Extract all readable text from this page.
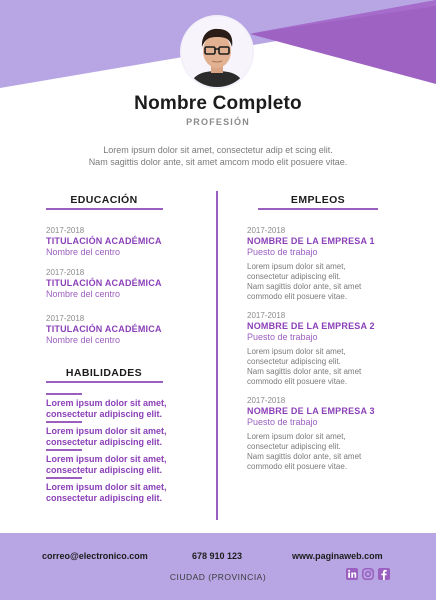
Nombre Completo
PROFESIÓN

Lorem ipsum dolor sit amet, consectetur adip et scing elit.

Nam sagittis dolor ante, sit amet amcom modo elit posuere vitae.

EDUCACIÓN
2017-2018
TITULACIÓN ACADÉMICA
Nombre del centro
2017-2018
TITULACIÓN ACADÉMICA
Nombre del centro
2017-2018
TITULACIÓN ACADÉMICA
Nombre del centro
HABILIDADES
Lorem ipsum dolor sit amet,
consectetur adipiscing elit.
Lorem ipsum dolor sit amet,
consectetur adipiscing elit.
Lorem ipsum dolor sit amet,
consectetur adipiscing elit.
Lorem ipsum dolor sit amet,
consectetur adipiscing elit.
EMPLEOS
2017-2018
NOMBRE DE LA EMPRESA 1
Puesto de trabajo
Lorem ipsum dolor sit amet,
consectetur adipiscing elit.
Nam sagittis dolor ante, sit amet
commodo elit posuere vitae.
2017-2018
NOMBRE DE LA EMPRESA 2
Puesto de trabajo
Lorem ipsum dolor sit amet,
consectetur adipiscing elit.
Nam sagittis dolor ante, sit amet
commodo elit posuere vitae.
2017-2018
NOMBRE DE LA EMPRESA 3
Puesto de trabajo
Lorem ipsum dolor sit amet,
consectetur adipiscing elit.
Nam sagittis dolor ante, sit amet
commodo elit posuere vitae.
correo@electronico.com	678 910 123	www.paginaweb.com
CIUDAD (PROVINCIA)
